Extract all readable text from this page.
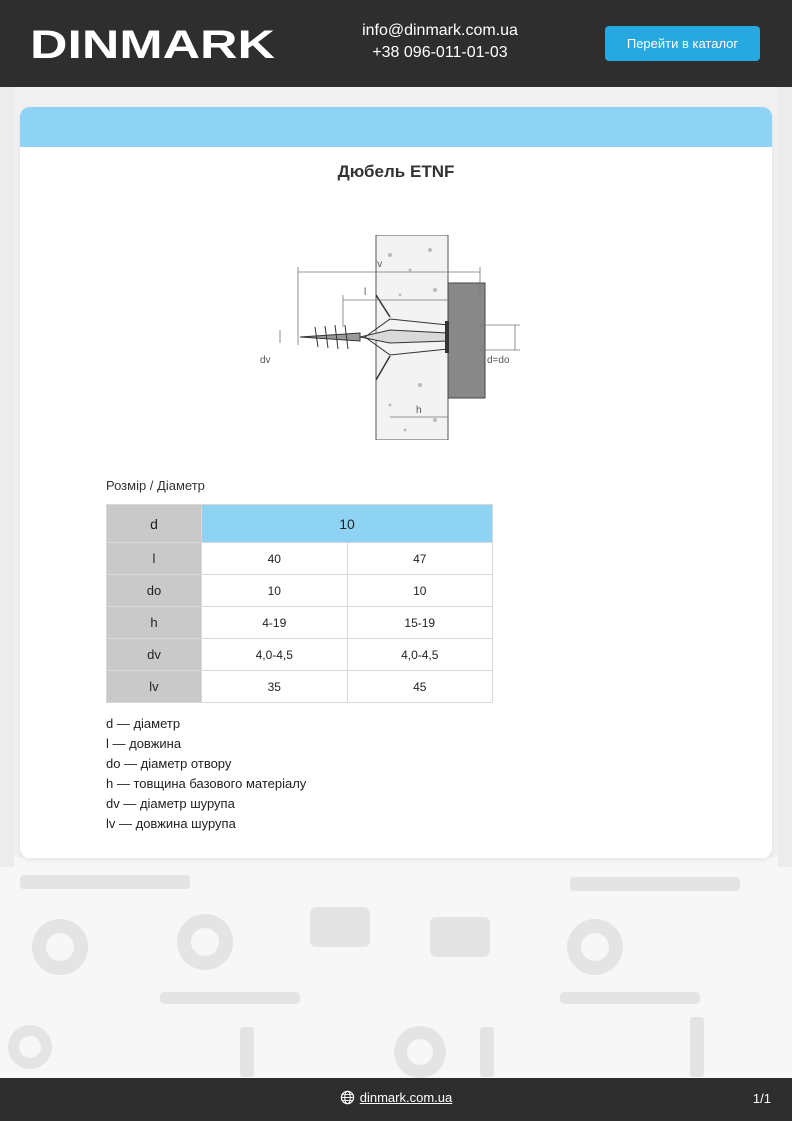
DINMARK	info@dinmark.com.ua
+38 096-011-01-03
Перейти в каталог
Дюбель ETNF
lv
l
dv	d=do
h
Розмір / Діаметр
d	10	
l	40	47
do	10	10
h	4-19	15-19
dv	4,0-4,5	4,0-4,5
lv	35	45
d — діаметр
l — довжина
do — діаметр отвору
h — товщина базового матеріалу
dv — діаметр шурупа
lv — довжина шурупа
dinmark.com.ua	1/1
